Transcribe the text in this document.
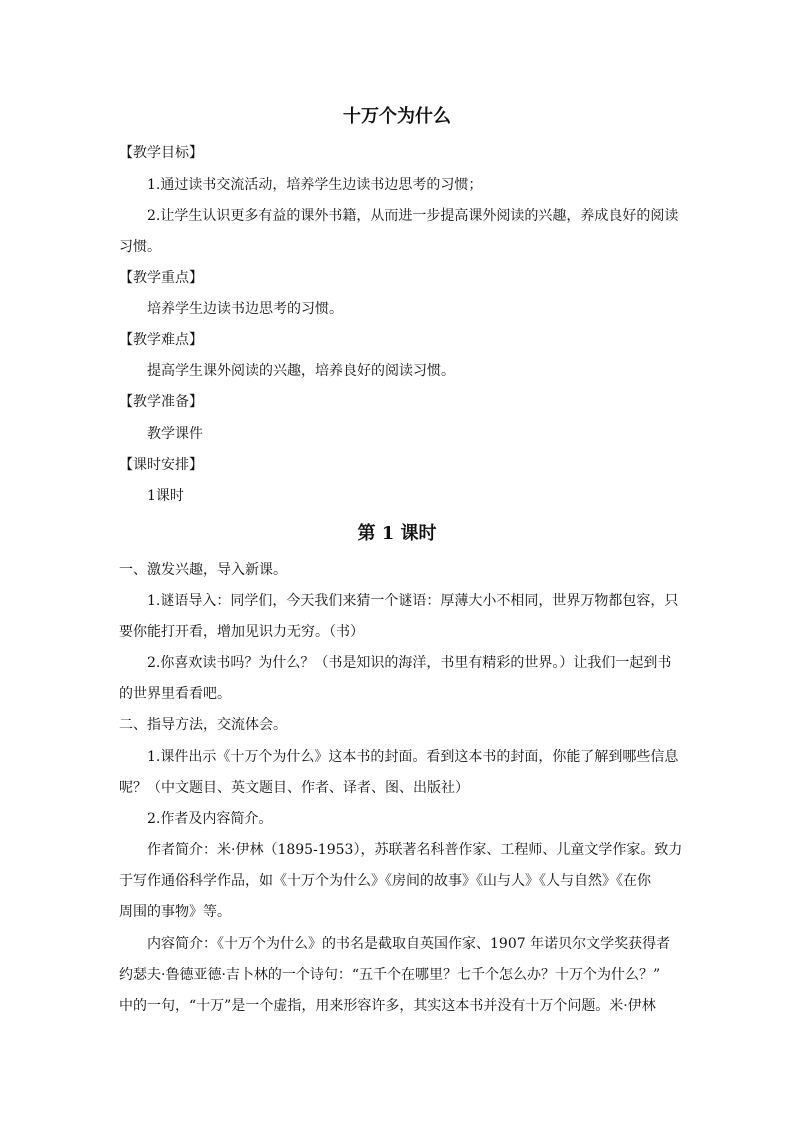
十万个为什么
【教学目标】
1.通过读书交流活动，培养学生边读书边思考的习惯；
2.让学生认识更多有益的课外书籍，从而进一步提高课外阅读的兴趣，养成良好的阅读
习惯。
【教学重点】
培养学生边读书边思考的习惯。
【教学难点】
提高学生课外阅读的兴趣，培养良好的阅读习惯。
【教学准备】
教学课件
【课时安排】
1课时
第 1 课时
一、激发兴趣，导入新课。
1.谜语导入：同学们，今天我们来猜一个谜语：厚薄大小不相同，世界万物都包容，只
要你能打开看，增加见识力无穷。（书）
2.你喜欢读书吗？为什么？（书是知识的海洋，书里有精彩的世界。）让我们一起到书
的世界里看看吧。
二、指导方法，交流体会。
1.课件出示《十万个为什么》这本书的封面。看到这本书的封面，你能了解到哪些信息
呢？（中文题目、英文题目、作者、译者、图、出版社）
2.作者及内容简介。
作者简介：米·伊林（1895-1953），苏联著名科普作家、工程师、儿童文学作家。致力
于写作通俗科学作品，如《十万个为什么》《房间的故事》《山与人》《人与自然》《在你
周围的事物》等。
内容简介：《十万个为什么》的书名是截取自英国作家、1907 年诺贝尔文学奖获得者
约瑟夫·鲁德亚德·吉卜林的一个诗句：“五千个在哪里？七千个怎么办？十万个为什么？”
中的一句，“十万”是一个虚指，用来形容许多，其实这本书并没有十万个问题。米·伊林
